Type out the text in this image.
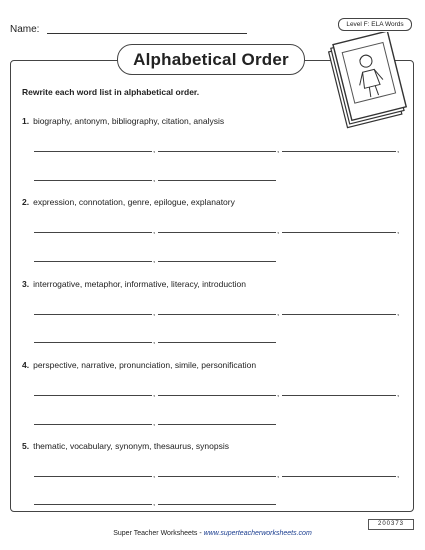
Name:	Level F: ELA Words
Alphabetical Order
Rewrite each word list in alphabetical order.
1. biography, antonym, bibliography, citation, analysis
,	,	,
,
2. expression, connotation, genre, epilogue, explanatory
,	,	,
,
3. interrogative, metaphor, informative, literacy, introduction
,	,	,
,
4. perspective, narrative, pronunciation, simile, personification
,	,	,
,
5. thematic, vocabulary, synonym, thesaurus, synopsis
,	,	,
,
200373
Super Teacher Worksheets - www.superteacherworksheets.com
